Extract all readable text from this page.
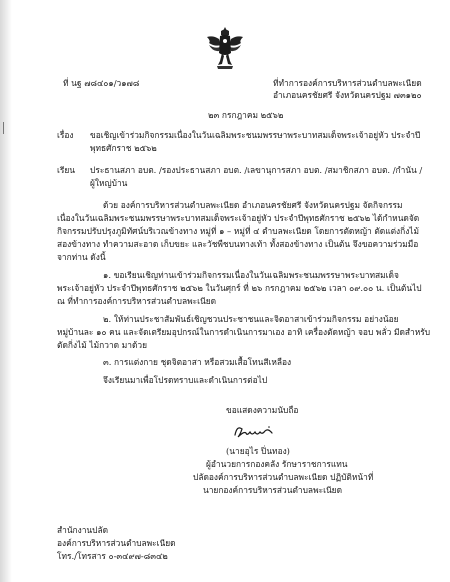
ที่ นฐ ๗๘๔๐๑/ว๑๗๘	ที่ทำการองค์การบริหารส่วนตำบลพะเนียด
อำเภอนครชัยศรี จังหวัดนครปฐม ๗๓๑๒๐
๒๓ กรกฎาคม ๒๕๖๒
เรื่อง ขอเชิญเข้าร่วมกิจกรรมเนื่องในวันเฉลิมพระชนมพรรษาพระบาทสมเด็จพระเจ้าอยู่หัว ประจำปี
พุทธศักราช ๒๕๖๒
เรียน ประธานสภา อบต. /รองประธานสภา อบต. /เลขานุการสภา อบต. /สมาชิกสภา อบต. /กำนัน /
ผู้ใหญ่บ้าน
ด้วย องค์การบริหารส่วนตำบลพะเนียด อำเภอนครชัยศรี จังหวัดนครปฐม จัดกิจกรรม
เนื่องในวันเฉลิมพระชนมพรรษาพระบาทสมเด็จพระเจ้าอยู่หัว ประจำปีพุทธศักราช ๒๕๖๒ ได้กำหนดจัด
กิจกรรมปรับปรุงภูมิทัศน์บริเวณข้างทาง หมู่ที่ ๑ – หมู่ที่ ๔ ตำบลพะเนียด โดยการตัดหญ้า ตัดแต่งกิ่งไม้
สองข้างทาง ทำความสะอาด เก็บขยะ และวัชพืชบนทางเท้า ทั้งสองข้างทาง เป็นต้น จึงขอความร่วมมือ
จากท่าน ดังนี้
๑. ขอเรียนเชิญท่านเข้าร่วมกิจกรรมเนื่องในวันเฉลิมพระชนมพรรษาพระบาทสมเด็จ
พระเจ้าอยู่หัว ประจำปีพุทธศักราช ๒๕๖๒ ในวันศุกร์ ที่ ๒๖ กรกฎาคม ๒๕๖๒ เวลา ๐๙.๐๐ น. เป็นต้นไป
ณ ที่ทำการองค์การบริหารส่วนตำบลพะเนียด
๒. ให้ท่านประชาสัมพันธ์เชิญชวนประชาชนและจิตอาสาเข้าร่วมกิจกรรม อย่างน้อย
หมู่บ้านละ ๑๐ คน และจัดเตรียมอุปกรณ์ในการดำเนินการมาเอง อาทิ เครื่องตัดหญ้า จอบ พลั่ว มีดสำหรับ
ตัดกิ่งไม้ ไม้กวาด มาด้วย
๓. การแต่งกาย ชุดจิตอาสา หรือสวมเสื้อโทนสีเหลือง
จึงเรียนมาเพื่อโปรดทราบและดำเนินการต่อไป
ขอแสดงความนับถือ
(นายอุไร ปิ่นทอง)
ผู้อำนวยการกองคลัง รักษาราชการแทน
ปลัดองค์การบริหารส่วนตำบลพะเนียด ปฏิบัติหน้าที่
นายกองค์การบริหารส่วนตำบลพะเนียด
สำนักงานปลัด
องค์การบริหารส่วนตำบลพะเนียด
โทร./โทรสาร ๐-๓๔๙๗-๘๓๔๒
